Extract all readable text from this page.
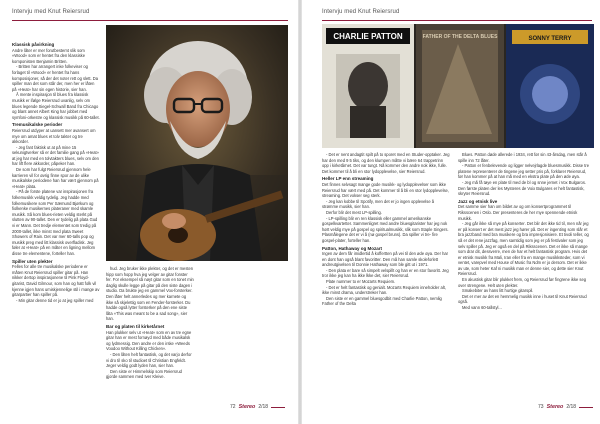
Intervju med Knut Reiersrud

Klassisk påvirkning

Andre låter er mer forutbestemt slik som «Wood» som er hentet fra den klassiske komponisten Benjamin Britten.

- Britten har arrangert inke folkeviser og forlaget til «Wood» er hentet fra hans komposisjoner, så der det noter rett og slett. Da spiller man det som står der, men her er låten på «Heat» har sin egen historie, sier han.

Å mente inspirasjon til blues fra klassisk musikk er ifølge Reiersrud uvanlig, selv om blues legende Siegel-Schwall Band fra Chicago og blant annet Albert King har jobbet med symfoni-orkestre og klassisk musikk på 60-tallet.

Tremusikalske perioder

Reiersrud utdyper at uansett mer avansert om mye om amat blues et tolv takter og tre akkorder.

- Jeg fant faktisk ut at på mine 15 sekunigtverker så er det familie gang på «Heat» at jeg har med en tolvtakters blues, selv om den har lift flere akkorder, påpeker han.

De som har fulgt Reiersrud gjennom hele karrieren vil for øvrig finne spor av de ulike musikalske periodene han har vært gjennom på «Heat» plata.

- På de forste platene var inspirasjonen fra folkemusikk veldig tydelig. Jeg hadde med folkemusikere som Per Sæmund Bjørkum og fiolkenke musikernes plateraner med skamle musikk. Så kom blues-rieten veldig sterkt på slutten av 90-tallet. Den er tydelig på plata Gud vi er Mann. Det tredje elementet som tredig på 2000-tallet, ikke minst med plata Sweet Showers of Rain. Det var mer 60-talls pop og musikk preg med litt klassisk overfladisk. Jeg føler at «Heat» på en måter en ligning mellom disse tre elementene, forteller han.

Spiller uten plekter

Felles for alle tre musikalske periodene er måten Knut Reiersrud spiller gitar på. Han nikker dertop inspirasjonene til Pink Floyd-gitarist, David Gilmour, som han og hatt folk vil kjenne igjen hans umiskjennelige stil i mange av gitarpartier han spiller på.

- Min gitar denne tid er jo at jeg spiller med

hud. Jeg bruker ikke plekter, og det er mesten hipp som hopp hva jeg velger av gitar fonster fer. For eksempel så nøyt gitar som en tonet min daglig skulle legge på gitar på den siste dagen i studio. Da brukte jeg en gammel Vox-forsterker. Den låter helt annerledes og mer karnete og ikke så skjelettig som en Fender-forsterker. Du hadde også lytter forsterker på den ene siste låta «This was meant to be a sad song», sier han.

Bar og platen til kirketårnet

Han plukker selv ut «Heat» som en av tre egne gitar han er mest fornøyd med både musikalsk og lydmessig. Den andre er den irske «Weeds Voodoo Without Killing Chicken».

- Den låten helt fantastisk, og det varjo derfor vi dro til sko til studioet til Christian Engfeldt. Jeger veldig godt lyden han, sier han.

Den siste er Himmelskip som Reiersrud gjorde sammen med Iver Kleive.

72 Stereo 2/18
Intervju med Knut Reiersrud
CHARLIE PATTON	FATHER OF THE DELTA BLUES	SONNY TERRY

- Det er nent andagtit spilt på to sporet med en Studer-opptaker. Jeg har den med 9 5 tiks, og den klumpen måtte vi bære 64 trappetrinn opp i kirketårnet. Det var tungt. Nå kommer den andre nok ikke, fulle. Det kommer til å bli en stor lydopplevelse, sier Reiersrud.

Heller LP enn streaming

Det finnes selvsagt mange gode musikk- og lydopplevelser som ikke Reiersrud har vært med på. Det kommer til å bli en stor lydopplevelse, streaming. Det vokser seg sterk.

- Jeg kan kobbe til Spotify, men det er jo ingen opplevelse å strømme musikk, sier han.

Derfor blir det mest LP-spilling.

- LP-spilling blir en ren klassisk eller gammel amerikanske gospelkvartetter. Sammenligret med andre bluesgitarister har jeg nok hørt veldig mye på gospel og spiritualmusikk, slik som Staple Singers. Plasmålegene det er vi å (nø gospel bruns). Da spiller vi tre- fire gospel-plater, forteller han.

Patton, Hathaway og Mozart

Ingen av dem får imidlertid å koffertten på vei til den øde øya. Der har en dont han også blant favoritter. Den må han samle skoleforlett andreutgivelsen til Donnie Hathaway som ble gitt ut i 1971.

- Den plata er bare så simpelt velspillt og han er en stor favoritt. Jeg tror ikke jeg kan ha ikke lkke det, sier Reiersrud.

Plate nummer to er Mozarts Requiem.

- Det er helt fantastisk og genialt. Mozarts Requiem inneholder alt, ikke minst drama, understreker han.

Den siste er en gammel bluesgodbit med Charlie Patton, nemlig Father of the Delta

Blues. Patton døde allerede i 1934, rett før sin 43-årsdag, men står å spille inn 72 låter.

- Patton er fenbelevende og ligger nelvejrlagde bluesmusikk. Disse tre platene representerer de tingene jeg setter pris på, forklarer Reiersrud, før han kommer på at han må med en ekstra plate på den øde øya.

- Jeg må få tøye en plate til med de bl og snne jernet i Vox Bulgaros. Den første platen der les Mysteres de Voix Bulgares er helt fantastisk, skryter Reiersrud.

Jazz og etnisk live

Det samme sier han om bildet av og om konsertprogrammet til Riksscenen i Oslo. Der presenteres de her mye spennende etnisk musikk.

- Jeg går ikke så mye på konserter. Det blir det ikke tid til, men når jeg er på konsert er det mest jazz jeg hører på. Det er ingenting som slår et bra jazzband med bra musikere og bra impresjonisiere. Et tivoli teller, og så er det rene jazzfag, men samtidig som jeg er på festivaler som jeg selv spiller på. Jeg er også en del på Riksscenen. Det er ikke så mange som drar dit, dessverre, men de har et helt fantastisk program. Hvis det er etnisk musikk fra Mali, Iran eller fra en mange musikksteder, som vi ventet, varepvel med House of Music fra Ndm er jo dersom. Det er ikke av ute, som heter Kaf ni musikk man er denne sier, og dette sier Knut Reiersrud.

En akustisk gitar blir plukket frem, og Reiersrud før fingrene ikke seg over strengene. Helt uten plekter.

Smakebiter av hans litt hurtige gitarspil.

Det er mer av det en hemmelig musikk inne i huset til Knut Reiersrud også.

Med vann 60-tallstyl...

73 Stereo 2/18
